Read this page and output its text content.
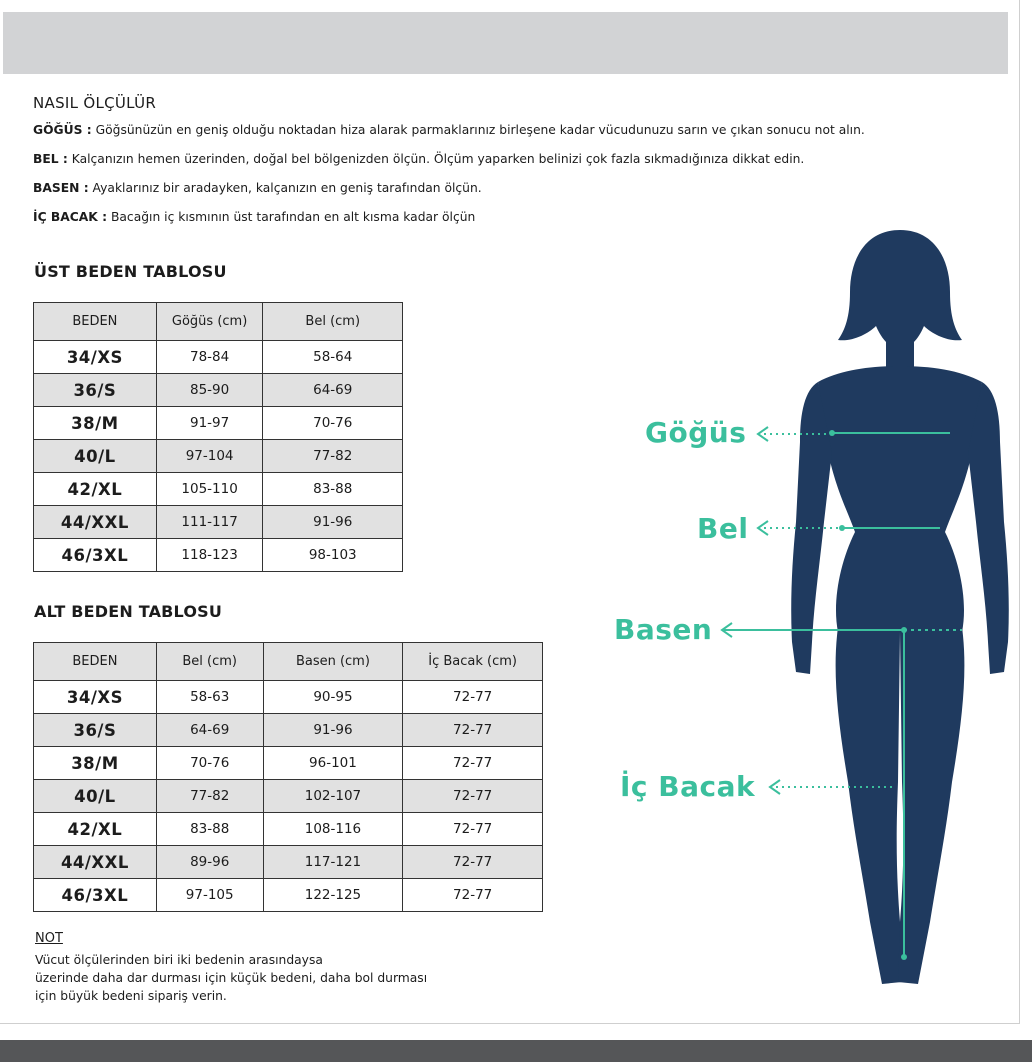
NASIL ÖLÇÜLÜR
GÖĞÜS : Göğsünüzün en geniş olduğu noktadan hiza alarak parmaklarınız birleşene kadar vücudunuzu sarın ve çıkan sonucu not alın.
BEL : Kalçanızın hemen üzerinden, doğal bel bölgenizden ölçün. Ölçüm yaparken belinizi çok fazla sıkmadığınıza dikkat edin.
BASEN : Ayaklarınız bir aradayken, kalçanızın en geniş tarafından ölçün.
İÇ BACAK : Bacağın iç kısmının üst tarafından en alt kısma kadar ölçün
ÜST BEDEN TABLOSU
BEDEN	Göğüs (cm)	Bel (cm)
34/XS	78-84	58-64
36/S	85-90	64-69
38/M	91-97	70-76
40/L	97-104	77-82
42/XL	105-110	83-88
44/XXL	111-117	91-96
46/3XL	118-123	98-103
ALT BEDEN TABLOSU
BEDEN	Bel (cm)	Basen (cm)	İç Bacak (cm)
34/XS	58-63	90-95	72-77
36/S	64-69	91-96	72-77
38/M	70-76	96-101	72-77
40/L	77-82	102-107	72-77
42/XL	83-88	108-116	72-77
44/XXL	89-96	117-121	72-77
46/3XL	97-105	122-125	72-77
NOT
Vücut ölçülerinden biri iki bedenin arasındaysa
üzerinde daha dar durması için küçük bedeni, daha bol durması
için büyük bedeni sipariş verin.
Göğüs
Bel
Basen
İç Bacak
